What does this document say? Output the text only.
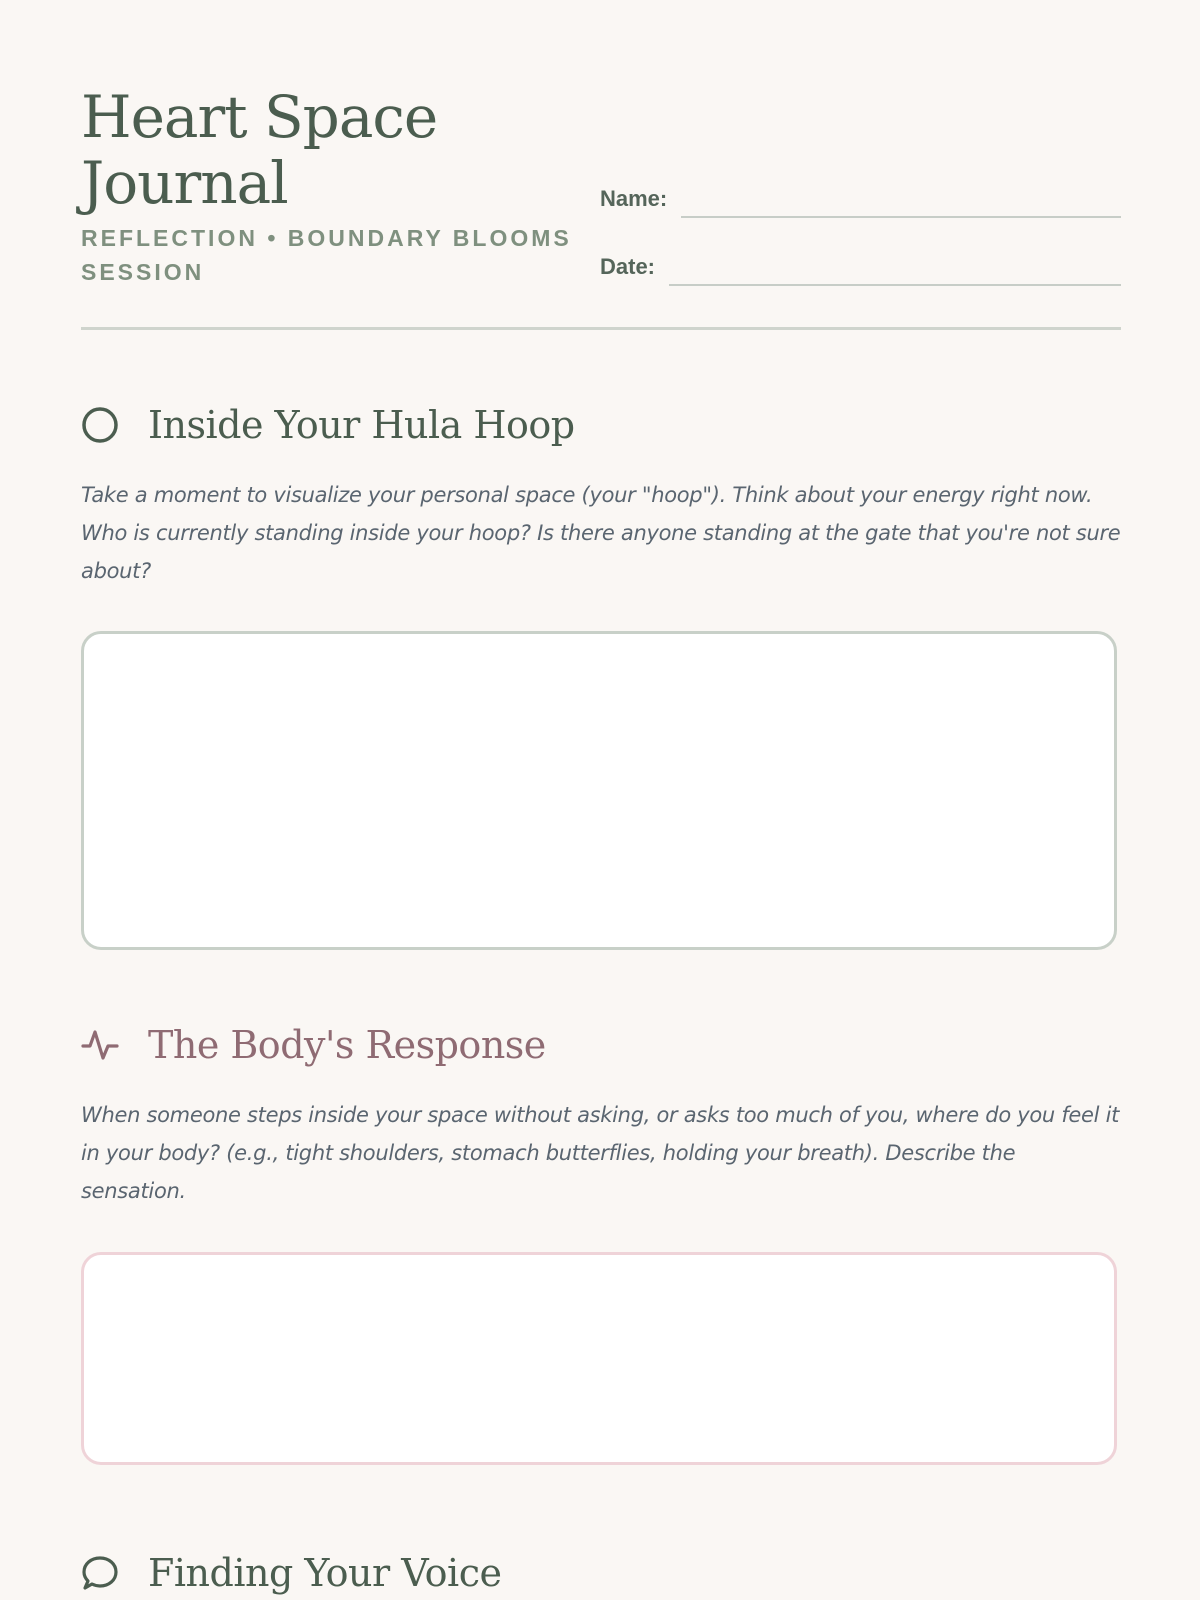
Heart Space Journal
REFLECTION • BOUNDARY BLOOMS SESSION
Name:
Date:
Inside Your Hula Hoop
Take a moment to visualize your personal space (your "hoop"). Think about your energy right now. Who is currently standing inside your hoop? Is there anyone standing at the gate that you're not sure about?
The Body's Response
When someone steps inside your space without asking, or asks too much of you, where do you feel it in your body? (e.g., tight shoulders, stomach butterflies, holding your breath). Describe the sensation.
Finding Your Voice
